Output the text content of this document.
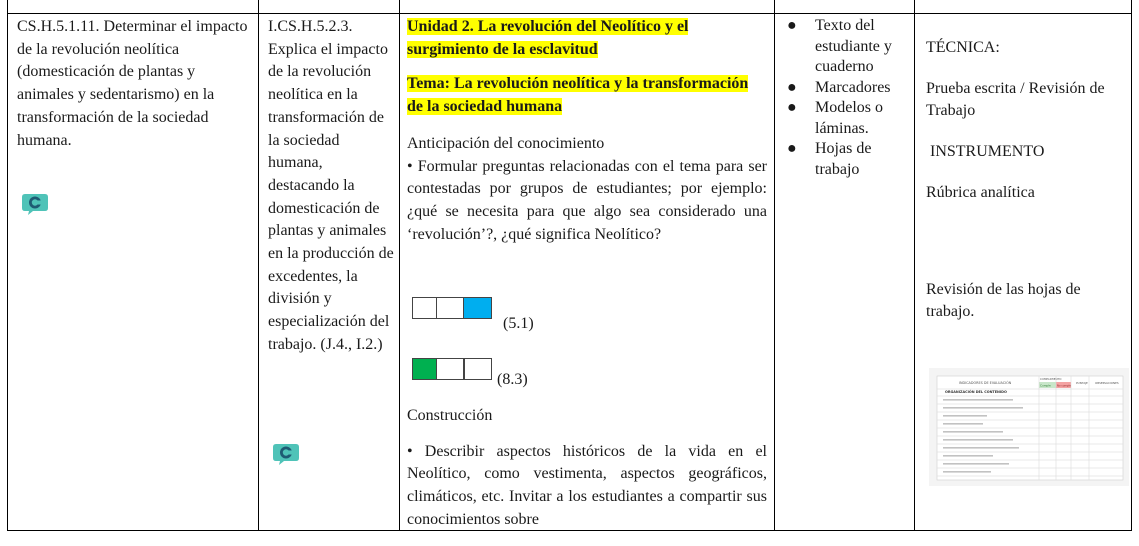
CS.H.5.1.11. Determinar el impacto de la revolución neolítica (domesticación de plantas y animales y sedentarismo) en la transformación de la sociedad humana.

I.CS.H.5.2.3. Explica el impacto de la revolución neolítica en la transformación de la sociedad humana, destacando la domesticación de plantas y animales en la producción de excedentes, la división y especialización del trabajo. (J.4., I.2.)

Unidad 2. La revolución del Neolítico y el surgimiento de la esclavitud

Tema: La revolución neolítica y la transformación de la sociedad humana

Anticipación del conocimiento

• Formular preguntas relacionadas con el tema para ser contestadas por grupos de estudiantes; por ejemplo: ¿qué se necesita para que algo sea considerado una ‘revolución’?, ¿qué significa Neolítico?

(5.1)
(8.3)

Construcción

• Describir aspectos históricos de la vida en el Neolítico, como vestimenta, aspectos geográficos, climáticos, etc. Invitar a los estudiantes a compartir sus conocimientos sobre

● Texto del estudiante y cuaderno
● Marcadores
● Modelos o láminas.
● Hojas de trabajo

TÉCNICA:

Prueba escrita / Revisión de Trabajo

INSTRUMENTO

Rúbrica analítica

Revisión de las hojas de trabajo.

INDICADORES DE EVALUACIÓN
CUMPLIMIENTO
Cumple No cumple
PUNTAJE	OBSERVACIONES
ORGANIZACIÓN DEL CONTENIDO
